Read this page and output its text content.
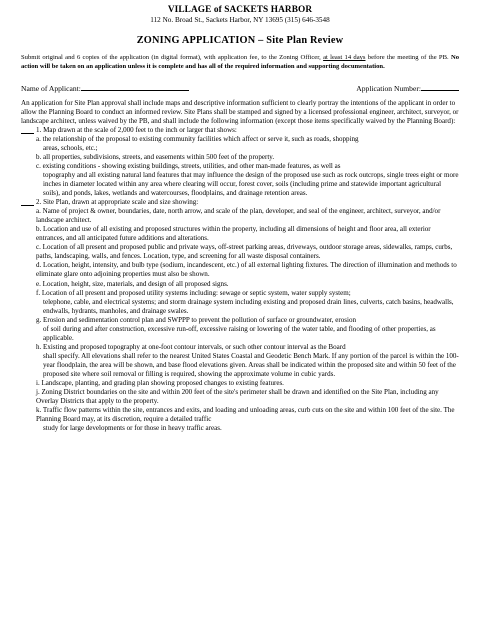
VILLAGE of SACKETS HARBOR
112 No. Broad St., Sackets Harbor, NY 13695 (315) 646-3548
ZONING APPLICATION – Site Plan Review
Submit original and 6 copies of the application (in digital format), with application fee, to the Zoning Officer, at least 14 days before the meeting of the PB. No action will be taken on an application unless it is complete and has all of the required information and supporting documentation.
Name of Applicant:	Application Number:
An application for Site Plan approval shall include maps and descriptive information sufficient to clearly portray the intentions of the applicant in order to allow the Planning Board to conduct an informed review. Site Plans shall be stamped and signed by a licensed professional engineer, architect, surveyor, or landscape architect, unless waived by the PB, and shall include the following information (except those items specifically waived by the Planning Board):
1.
Map drawn at the scale of 2,000 feet to the inch or larger that shows:
a. the relationship of the proposal to existing community facilities which affect or serve it, such as roads, shopping
areas, schools, etc.;
b. all properties, subdivisions, streets, and easements within 500 feet of the property.
c. existing conditions - showing existing buildings, streets, utilities, and other man-made features, as well as
topography and all existing natural land features that may influence the design of the proposed use such as rock outcrops, single trees eight or more inches in diameter located within any area where clearing will occur, forest cover, soils (including prime and statewide important agricultural soils), and ponds, lakes, wetlands and watercourses, floodplains, and drainage retention areas.
2.
Site Plan, drawn at appropriate scale and size showing:
a. Name of project & owner, boundaries, date, north arrow, and scale of the plan, developer, and seal of the engineer, architect, surveyor, and/or landscape architect.
b. Location and use of all existing and proposed structures within the property, including all dimensions of height and floor area, all exterior entrances, and all anticipated future additions and alterations.
c. Location of all present and proposed public and private ways, off-street parking areas, driveways, outdoor storage areas, sidewalks, ramps, curbs, paths, landscaping, walls, and fences. Location, type, and screening for all waste disposal containers.
d. Location, height, intensity, and bulb type (sodium, incandescent, etc.) of all external lighting fixtures. The direction of illumination and methods to eliminate glare onto adjoining properties must also be shown.
e. Location, height, size, materials, and design of all proposed signs.
f. Location of all present and proposed utility systems including: sewage or septic system, water supply system;
telephone, cable, and electrical systems; and storm drainage system including existing and proposed drain lines, culverts, catch basins, headwalls, endwalls, hydrants, manholes, and drainage swales.
g. Erosion and sedimentation control plan and SWPPP to prevent the pollution of surface or groundwater, erosion
of soil during and after construction, excessive run-off, excessive raising or lowering of the water table, and flooding of other properties, as applicable.
h. Existing and proposed topography at one-foot contour intervals, or such other contour interval as the Board
shall specify. All elevations shall refer to the nearest United States Coastal and Geodetic Bench Mark. If any portion of the parcel is within the 100-year floodplain, the area will be shown, and base flood elevations given. Areas shall be indicated within the proposed site and within 50 feet of the proposed site where soil removal or filling is required, showing the approximate volume in cubic yards.
i. Landscape, planting, and grading plan showing proposed changes to existing features.
j. Zoning District boundaries on the site and within 200 feet of the site's perimeter shall be drawn and identified on the Site Plan, including any Overlay Districts that apply to the property.
k. Traffic flow patterns within the site, entrances and exits, and loading and unloading areas, curb cuts on the site and within 100 feet of the site. The Planning Board may, at its discretion, require a detailed traffic
study for large developments or for those in heavy traffic areas.
